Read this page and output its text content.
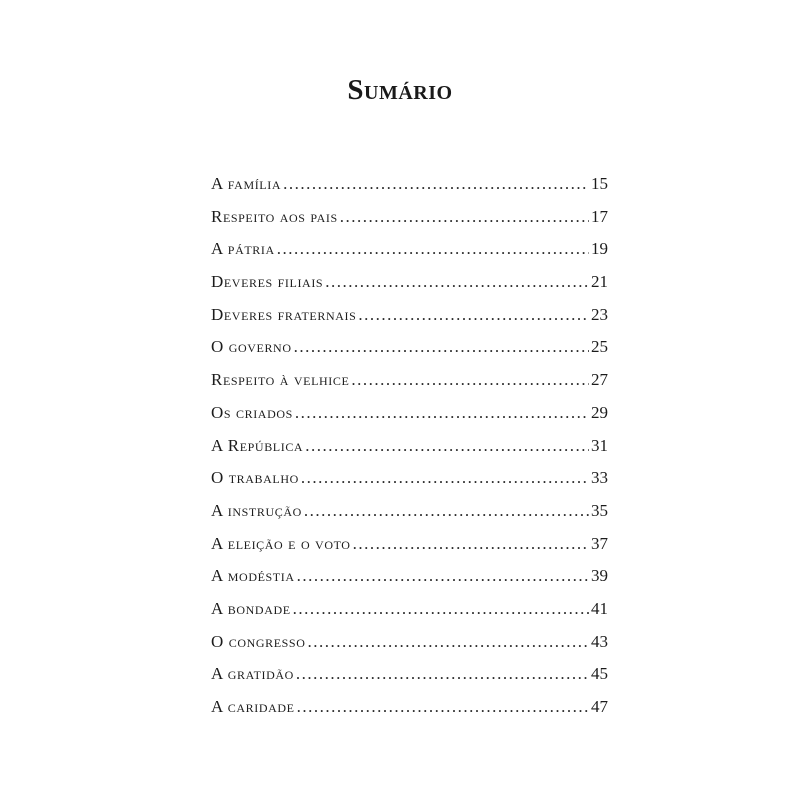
Sumário
A família .....	15
Respeito aos pais .....	17
A pátria .....	19
Deveres filiais .....	21
Deveres fraternais .....	23
O governo .....	25
Respeito à velhice .....	27
Os criados .....	29
A República .....	31
O trabalho .....	33
A instrução .....	35
A eleição e o voto .....	37
A modéstia .....	39
A bondade .....	41
O congresso .....	43
A gratidão .....	45
A caridade .....	47
